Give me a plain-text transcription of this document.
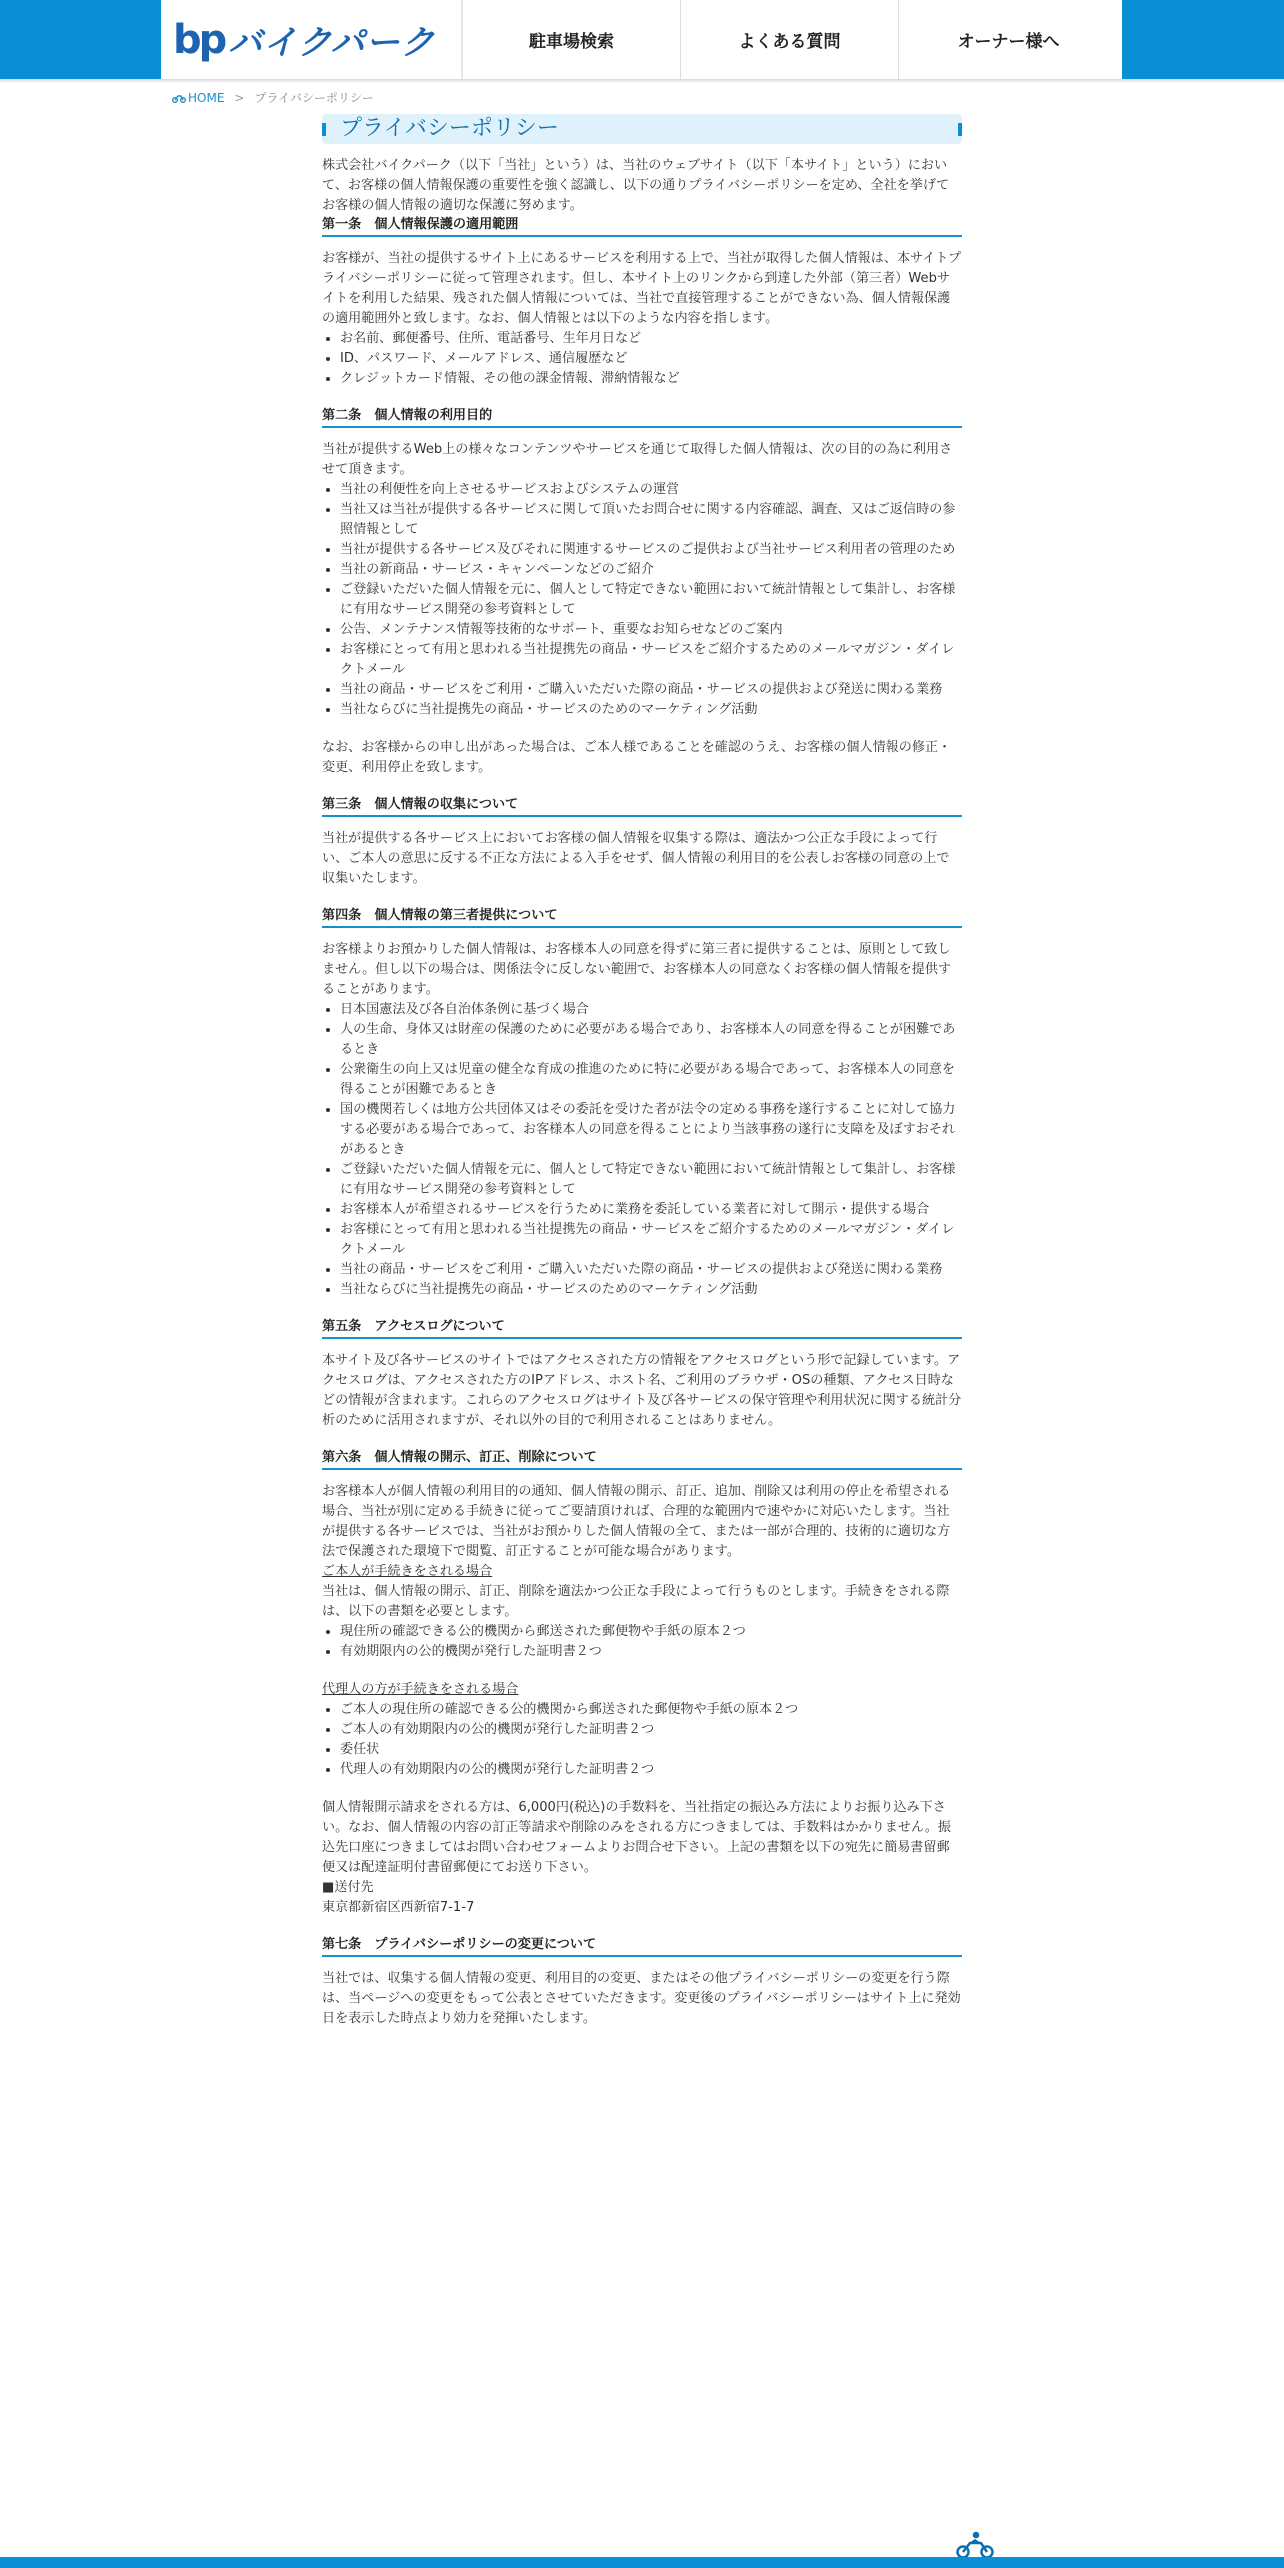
bp バイクパーク	駐車場検索	よくある質問	オーナー様へ
HOME > プライバシーポリシー
プライバシーポリシー

株式会社バイクパーク（以下「当社」という）は、当社のウェブサイト（以下「本サイト」という）において、お客様の個人情報保護の重要性を強く認識し、以下の通りプライバシーポリシーを定め、全社を挙げてお客様の個人情報の適切な保護に努めます。

第一条　個人情報保護の適用範囲

お客様が、当社の提供するサイト上にあるサービスを利用する上で、当社が取得した個人情報は、本サイトプライバシーポリシーに従って管理されます。但し、本サイト上のリンクから到達した外部（第三者）Webサイトを利用した結果、残された個人情報については、当社で直接管理することができない為、個人情報保護の適用範囲外と致します。なお、個人情報とは以下のような内容を指します。

• お名前、郵便番号、住所、電話番号、生年月日など
• ID、パスワード、メールアドレス、通信履歴など
• クレジットカード情報、その他の課金情報、滞納情報など
第二条　個人情報の利用目的

当社が提供するWeb上の様々なコンテンツやサービスを通じて取得した個人情報は、次の目的の為に利用させて頂きます。

• 当社の利便性を向上させるサービスおよびシステムの運営
• 当社又は当社が提供する各サービスに関して頂いたお問合せに関する内容確認、調査、又はご返信時の参照情報として
• 当社が提供する各サービス及びそれに関連するサービスのご提供および当社サービス利用者の管理のため
• 当社の新商品・サービス・キャンペーンなどのご紹介
• ご登録いただいた個人情報を元に、個人として特定できない範囲において統計情報として集計し、お客様に有用なサービス開発の参考資料として
• 公告、メンテナンス情報等技術的なサポート、重要なお知らせなどのご案内
• お客様にとって有用と思われる当社提携先の商品・サービスをご紹介するためのメールマガジン・ダイレクトメール
• 当社の商品・サービスをご利用・ご購入いただいた際の商品・サービスの提供および発送に関わる業務
• 当社ならびに当社提携先の商品・サービスのためのマーケティング活動

なお、お客様からの申し出があった場合は、ご本人様であることを確認のうえ、お客様の個人情報の修正・変更、利用停止を致します。

第三条　個人情報の収集について

当社が提供する各サービス上においてお客様の個人情報を収集する際は、適法かつ公正な手段によって行い、ご本人の意思に反する不正な方法による入手をせず、個人情報の利用目的を公表しお客様の同意の上で収集いたします。

第四条　個人情報の第三者提供について

お客様よりお預かりした個人情報は、お客様本人の同意を得ずに第三者に提供することは、原則として致しません。但し以下の場合は、関係法令に反しない範囲で、お客様本人の同意なくお客様の個人情報を提供することがあります。

• 日本国憲法及び各自治体条例に基づく場合
• 人の生命、身体又は財産の保護のために必要がある場合であり、お客様本人の同意を得ることが困難であるとき
• 公衆衛生の向上又は児童の健全な育成の推進のために特に必要がある場合であって、お客様本人の同意を得ることが困難であるとき
• 国の機関若しくは地方公共団体又はその委託を受けた者が法令の定める事務を遂行することに対して協力する必要がある場合であって、お客様本人の同意を得ることにより当該事務の遂行に支障を及ぼすおそれがあるとき
• ご登録いただいた個人情報を元に、個人として特定できない範囲において統計情報として集計し、お客様に有用なサービス開発の参考資料として
• お客様本人が希望されるサービスを行うために業務を委託している業者に対して開示・提供する場合
• お客様にとって有用と思われる当社提携先の商品・サービスをご紹介するためのメールマガジン・ダイレクトメール
• 当社の商品・サービスをご利用・ご購入いただいた際の商品・サービスの提供および発送に関わる業務
• 当社ならびに当社提携先の商品・サービスのためのマーケティング活動
第五条　アクセスログについて

本サイト及び各サービスのサイトではアクセスされた方の情報をアクセスログという形で記録しています。アクセスログは、アクセスされた方のIPアドレス、ホスト名、ご利用のブラウザ・OSの種類、アクセス日時などの情報が含まれます。これらのアクセスログはサイト及び各サービスの保守管理や利用状況に関する統計分析のために活用されますが、それ以外の目的で利用されることはありません。

第六条　個人情報の開示、訂正、削除について

お客様本人が個人情報の利用目的の通知、個人情報の開示、訂正、追加、削除又は利用の停止を希望される場合、当社が別に定める手続きに従ってご要請頂ければ、合理的な範囲内で速やかに対応いたします。当社が提供する各サービスでは、当社がお預かりした個人情報の全て、または一部が合理的、技術的に適切な方法で保護された環境下で閲覧、訂正することが可能な場合があります。

ご本人が手続きをされる場合

当社は、個人情報の開示、訂正、削除を適法かつ公正な手段によって行うものとします。手続きをされる際は、以下の書類を必要とします。

• 現住所の確認できる公的機関から郵送された郵便物や手紙の原本２つ
• 有効期限内の公的機関が発行した証明書２つ

代理人の方が手続きをされる場合

• ご本人の現住所の確認できる公的機関から郵送された郵便物や手紙の原本２つ
• ご本人の有効期限内の公的機関が発行した証明書２つ
• 委任状
• 代理人の有効期限内の公的機関が発行した証明書２つ

個人情報開示請求をされる方は、6,000円(税込)の手数料を、当社指定の振込み方法によりお振り込み下さい。なお、個人情報の内容の訂正等請求や削除のみをされる方につきましては、手数料はかかりません。振込先口座につきましてはお問い合わせフォームよりお問合せ下さい。上記の書類を以下の宛先に簡易書留郵便又は配達証明付書留郵便にてお送り下さい。

■送付先

東京都新宿区西新宿7-1-7

第七条　プライバシーポリシーの変更について

当社では、収集する個人情報の変更、利用目的の変更、またはその他プライバシーポリシーの変更を行う際は、当ページへの変更をもって公表とさせていただきます。変更後のプライバシーポリシーはサイト上に発効日を表示した時点より効力を発揮いたします。
